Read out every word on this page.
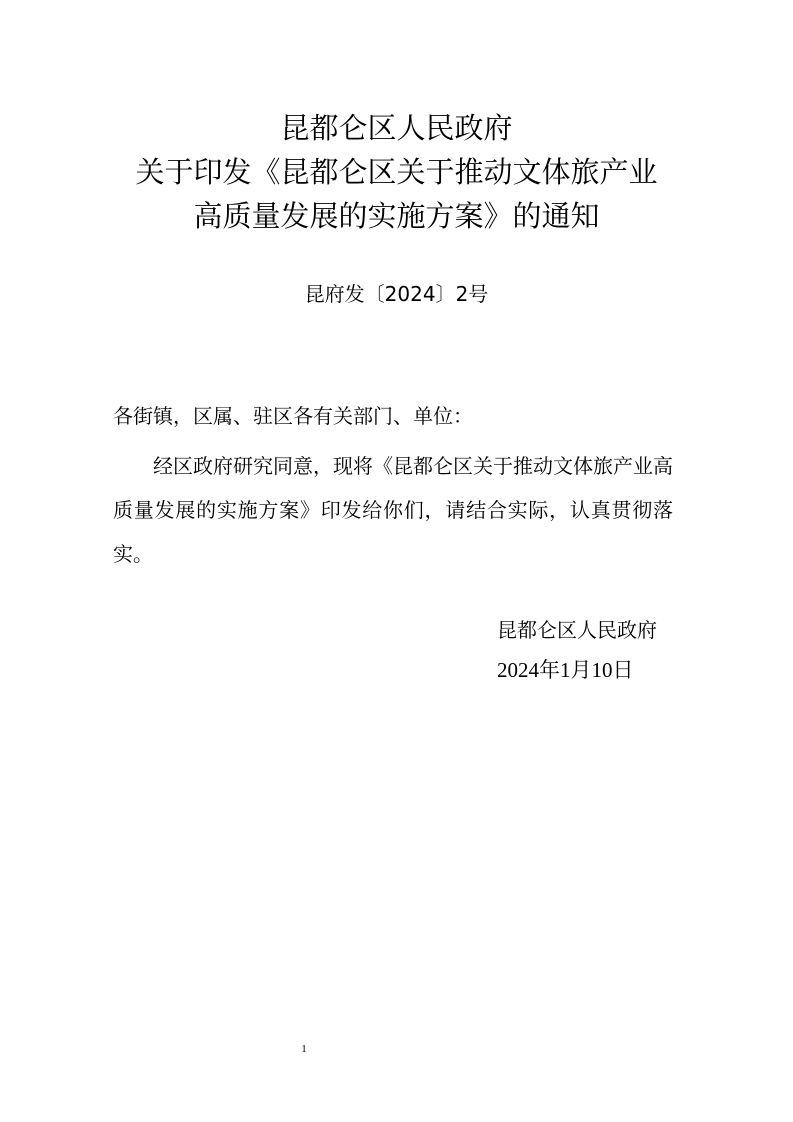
昆都仑区人民政府
关于印发《昆都仑区关于推动文体旅产业
高质量发展的实施方案》的通知
昆府发〔2024〕2号
各街镇，区属、驻区各有关部门、单位：
经区政府研究同意，现将《昆都仑区关于推动文体旅产业高质量发展的实施方案》印发给你们，请结合实际，认真贯彻落实。
昆都仑区人民政府
2024年1月10日
1
